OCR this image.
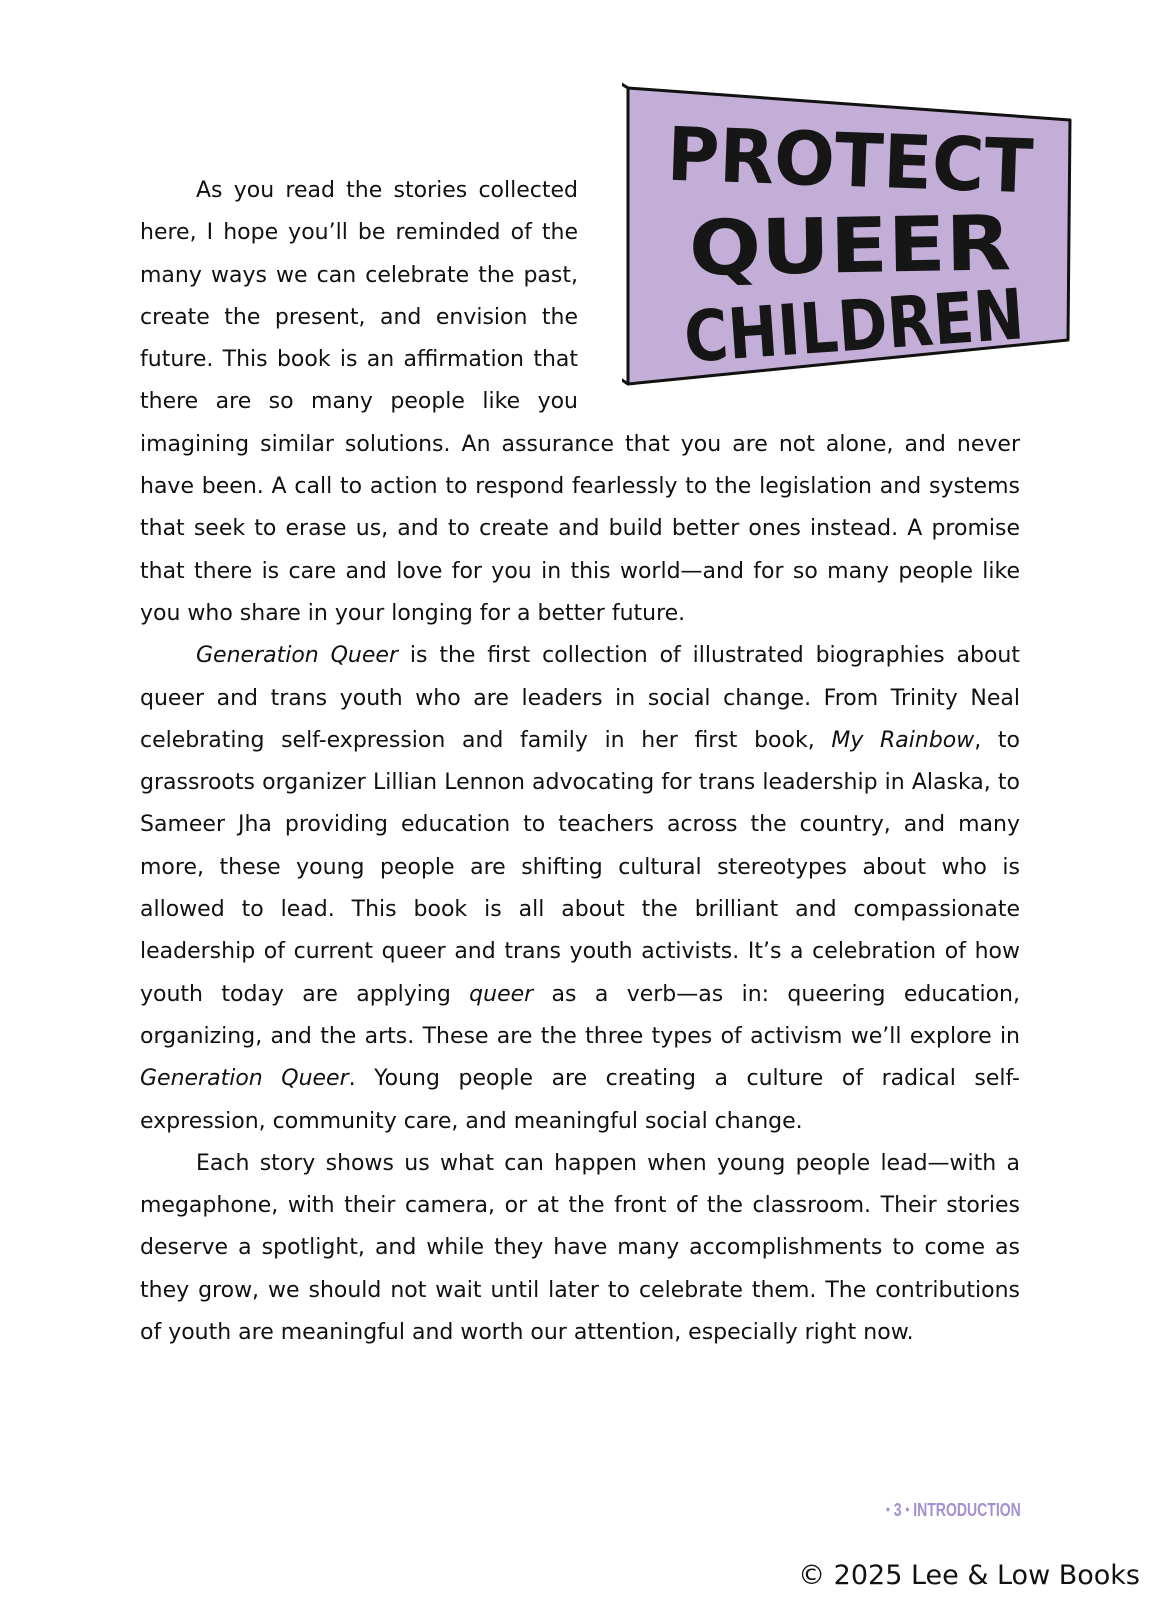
PROTECT
QUEER
CHILDREN

As you read the stories collected here, I hope you’ll be reminded of the many ways we can celebrate the past, create the present, and envision the future. This book is an affirmation that there are so many people like you imagining similar solutions. An assurance that you are not alone, and never have been. A call to action to respond fearlessly to the legislation and systems that seek to erase us, and to create and build better ones instead. A promise that there is care and love for you in this world—and for so many people like you who share in your longing for a better future.

Generation Queer is the first collection of illustrated biographies about queer and trans youth who are leaders in social change. From Trinity Neal celebrating self-expression and family in her first book, My Rainbow, to grassroots organizer Lillian Lennon advocating for trans leadership in Alaska, to Sameer Jha providing education to teachers across the country, and many more, these young people are shifting cultural stereotypes about who is allowed to lead. This book is all about the brilliant and compassionate leadership of current queer and trans youth activists. It’s a celebration of how youth today are applying queer as a verb—as in: queering education, organizing, and the arts. These are the three types of activism we’ll explore in Generation Queer. Young people are creating a culture of radical self-expression, community care, and meaningful social change.

Each story shows us what can happen when young people lead—with a megaphone, with their camera, or at the front of the classroom. Their stories deserve a spotlight, and while they have many accomplishments to come as they grow, we should not wait until later to celebrate them. The contributions of youth are meaningful and worth our attention, especially right now.

• 3 • INTRODUCTION
© 2025 Lee & Low Books
